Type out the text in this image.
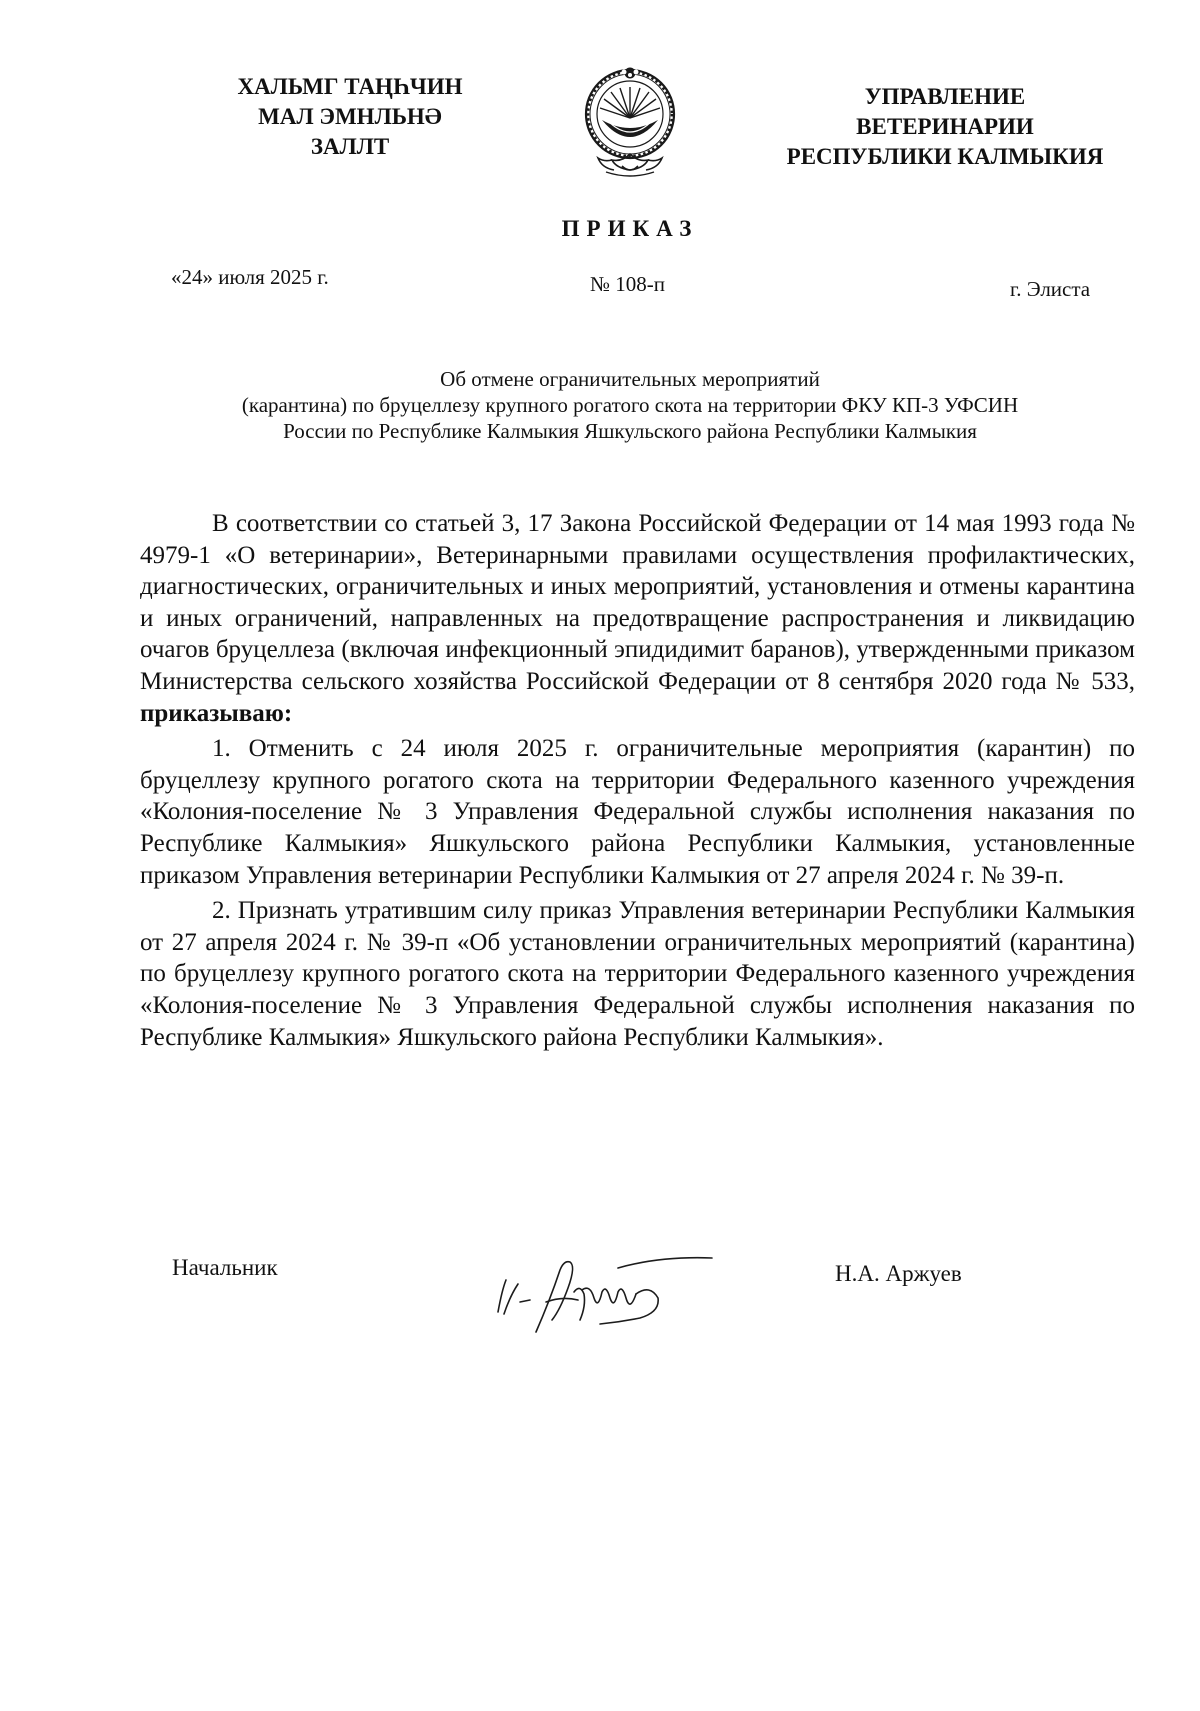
ХАЛЬМГ ТАҢҺЧИН
МАЛ ЭМНЛЬНӘ
ЗАЛЛТ
УПРАВЛЕНИЕ
ВЕТЕРИНАРИИ
РЕСПУБЛИКИ КАЛМЫКИЯ
ПРИКАЗ
«24» июля 2025 г.	№ 108-п	г. Элиста
Об отмене ограничительных мероприятий
(карантина) по бруцеллезу крупного рогатого скота на территории ФКУ КП-3 УФСИН
России по Республике Калмыкия Яшкульского района Республики Калмыкия

В соответствии со статьей 3, 17 Закона Российской Федерации от 14 мая 1993 года № 4979-1 «О ветеринарии», Ветеринарными правилами осуществления профилактических, диагностических, ограничительных и иных мероприятий, установления и отмены карантина и иных ограничений, направленных на предотвращение распространения и ликвидацию очагов бруцеллеза (включая инфекционный эпидидимит баранов), утвержденными приказом Министерства сельского хозяйства Российской Федерации от 8 сентября 2020 года № 533, приказываю:

1. Отменить с 24 июля 2025 г. ограничительные мероприятия (карантин) по бруцеллезу крупного рогатого скота на территории Федерального казенного учреждения «Колония-поселение № 3 Управления Федеральной службы исполнения наказания по Республике Калмыкия» Яшкульского района Республики Калмыкия, установленные приказом Управления ветеринарии Республики Калмыкия от 27 апреля 2024 г. № 39-п.

2. Признать утратившим силу приказ Управления ветеринарии Республики Калмыкия от 27 апреля 2024 г. № 39-п «Об установлении ограничительных мероприятий (карантина) по бруцеллезу крупного рогатого скота на территории Федерального казенного учреждения «Колония-поселение № 3 Управления Федеральной службы исполнения наказания по Республике Калмыкия» Яшкульского района Республики Калмыкия».

Начальник	Н.А. Аржуев
